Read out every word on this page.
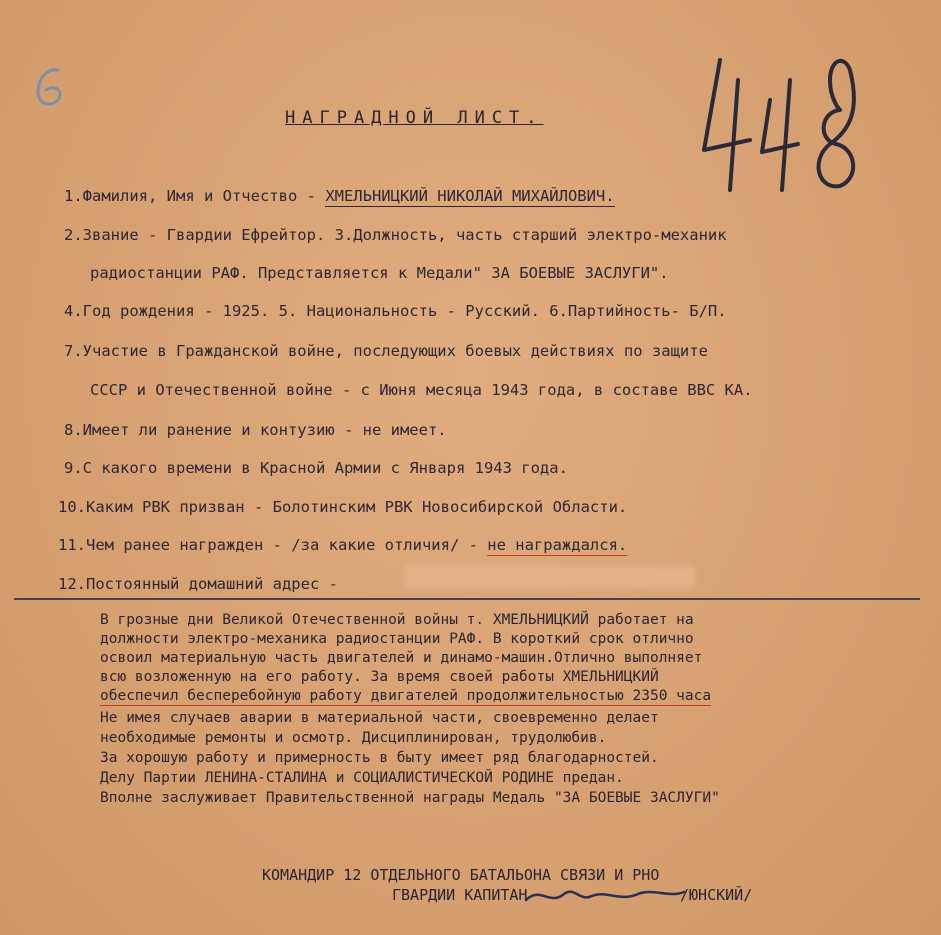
НАГРАДНОЙ ЛИСТ.
1.Фамилия, Имя и Отчество - ХМЕЛЬНИЦКИЙ НИКОЛАЙ МИХАЙЛОВИЧ.
2.Звание - Гвардии Ефрейтор. 3.Должность, часть старший электро-механик
радиостанции РАФ. Представляется к Медали" ЗА БОЕВЫЕ ЗАСЛУГИ".
4.Год рождения - 1925. 5. Национальность - Русский. 6.Партийность- Б/П.
7.Участие в Гражданской войне, последующих боевых действиях по защите
СССР и Отечественной войне - с Июня месяца 1943 года, в составе ВВС КА.
8.Имеет ли ранение и контузию - не имеет.
9.С какого времени в Красной Армии с Января 1943 года.
10.Каким РВК призван - Болотинским РВК Новосибирской Области.
11.Чем ранее награжден - /за какие отличия/ - не награждался.
12.Постоянный домашний адрес -
В грозные дни Великой Отечественной войны т. ХМЕЛЬНИЦКИЙ работает на
должности электро-механика радиостанции РАФ. В короткий срок отлично
освоил материальную часть двигателей и динамо-машин.Отлично выполняет
всю возложенную на его работу. За время своей работы ХМЕЛЬНИЦКИЙ
обеспечил бесперебойную работу двигателей продолжительностью 2350 часа
Не имея случаев аварии в материальной части, своевременно делает
необходимые ремонты и осмотр. Дисциплинирован, трудолюбив.
За хорошую работу и примерность в быту имеет ряд благодарностей.
Делу Партии ЛЕНИНА-СТАЛИНА и СОЦИАЛИСТИЧЕСКОЙ РОДИНЕ предан.
Вполне заслуживает Правительственной награды Медаль "ЗА БОЕВЫЕ ЗАСЛУГИ"
КОМАНДИР 12 ОТДЕЛЬНОГО БАТАЛЬОНА СВЯЗИ И РНО
ГВАРДИИ КАПИТАН	/ЮНСКИЙ/
